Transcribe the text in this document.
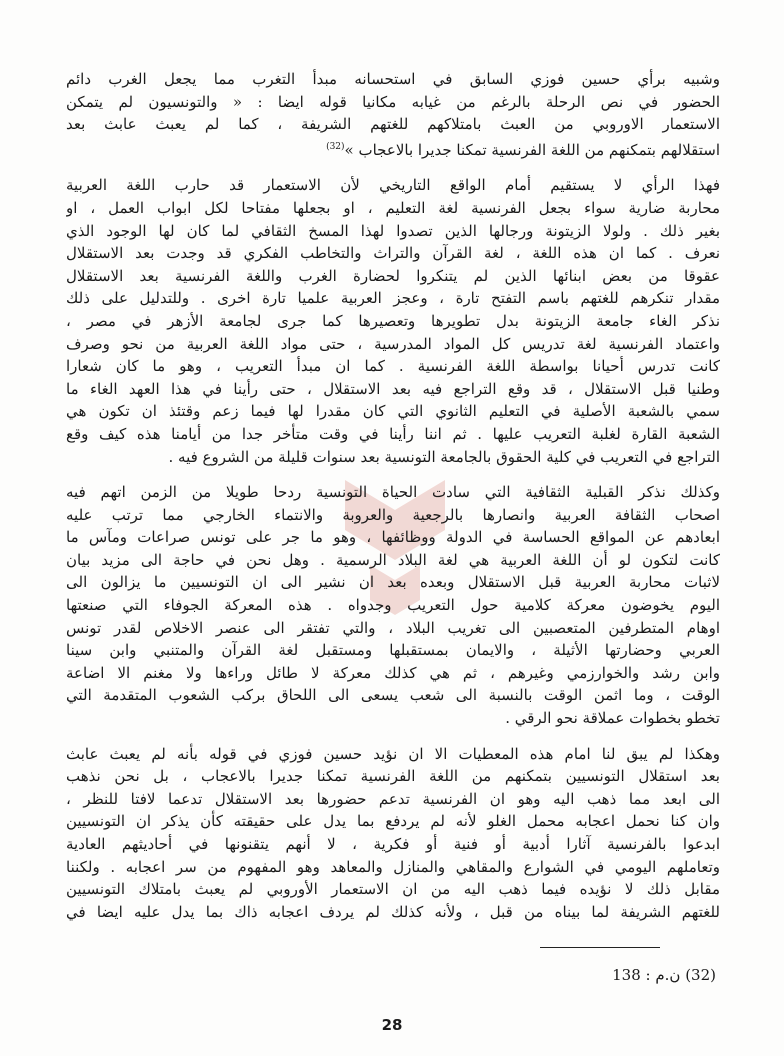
وشبيه برأي حسين فوزي السابق في استحسانه مبدأ التغرب مما يجعل الغرب دائم
الحضور في نص الرحلة بالرغم من غيابه مكانيا قوله ايضا : « والتونسيون لم يتمكن
الاستعمار الاوروبي من العبث بامتلاكهم للغتهم الشريفة ، كما لم يعبث عابث بعد
استقلالهم بتمكنهم من اللغة الفرنسية تمكنا جديرا بالاعجاب »$^{(32)}$

فهذا الرأي لا يستقيم أمام الواقع التاريخي لأن الاستعمار قد حارب اللغة العربية
محاربة ضارية سواء بجعل الفرنسية لغة التعليم ، او بجعلها مفتاحا لكل ابواب العمل ، او
بغير ذلك . ولولا الزيتونة ورجالها الذين تصدوا لهذا المسخ الثقافي لما كان لها الوجود الذي
نعرف . كما ان هذه اللغة ، لغة القرآن والتراث والتخاطب الفكري قد وجدت بعد الاستقلال
عقوقا من بعض ابنائها الذين لم يتنكروا لحضارة الغرب واللغة الفرنسية بعد الاستقلال
مقدار تنكرهم للغتهم باسم التفتح تارة ، وعجز العربية علميا تارة اخرى . وللتدليل على ذلك
نذكر الغاء جامعة الزيتونة بدل تطويرها وتعصيرها كما جرى لجامعة الأزهر في مصر ،
واعتماد الفرنسية لغة تدريس كل المواد المدرسية ، حتى مواد اللغة العربية من نحو وصرف
كانت تدرس أحيانا بواسطة اللغة الفرنسية . كما ان مبدأ التعريب ، وهو ما كان شعارا
وطنيا قبل الاستقلال ، قد وقع التراجع فيه بعد الاستقلال ، حتى رأينا في هذا العهد الغاء ما
سمي بالشعبة الأصلية في التعليم الثانوي التي كان مقدرا لها فيما زعم وقتئذ ان تكون هي
الشعبة القارة لغلبة التعريب عليها . ثم اننا رأينا في وقت متأخر جدا من أيامنا هذه كيف وقع
التراجع في التعريب في كلية الحقوق بالجامعة التونسية بعد سنوات قليلة من الشروع فيه .

وكذلك نذكر القبلية الثقافية التي سادت الحياة التونسية ردحا طويلا من الزمن اتهم فيه
اصحاب الثقافة العربية وانصارها بالرجعية والعروبة والانتماء الخارجي مما ترتب عليه
ابعادهم عن المواقع الحساسة في الدولة ووظائفها ، وهو ما جر على تونس صراعات ومآس ما
كانت لتكون لو أن اللغة العربية هي لغة البلاد الرسمية . وهل نحن في حاجة الى مزيد بيان
لاثبات محاربة العربية قبل الاستقلال وبعده بعد ان نشير الى ان التونسيين ما يزالون الى
اليوم يخوضون معركة كلامية حول التعريب وجدواه . هذه المعركة الجوفاء التي صنعتها
اوهام المتطرفين المتعصبين الى تغريب البلاد ، والتي تفتقر الى عنصر الاخلاص لقدر تونس
العربي وحضارتها الأثيلة ، والايمان بمستقبلها ومستقبل لغة القرآن والمتنبي وابن سينا
وابن رشد والخوارزمي وغيرهم ، ثم هي كذلك معركة لا طائل وراءها ولا مغنم الا اضاعة
الوقت ، وما اثمن الوقت بالنسبة الى شعب يسعى الى اللحاق بركب الشعوب المتقدمة التي
تخطو بخطوات عملاقة نحو الرقي .

وهكذا لم يبق لنا امام هذه المعطيات الا ان نؤيد حسين فوزي في قوله بأنه لم يعبث عابث
بعد استقلال التونسيين بتمكنهم من اللغة الفرنسية تمكنا جديرا بالاعجاب ، بل نحن نذهب
الى ابعد مما ذهب اليه وهو ان الفرنسية تدعم حضورها بعد الاستقلال تدعما لافتا للنظر ،
وان كنا نحمل اعجابه محمل الغلو لأنه لم يردفع بما يدل على حقيقته كأن يذكر ان التونسيين
ابدعوا بالفرنسية آثارا أدبية أو فنية أو فكرية ، لا أنهم يتقنونها في أحاديثهم العادية
وتعاملهم اليومي في الشوارع والمقاهي والمنازل والمعاهد وهو المفهوم من سر اعجابه . ولكننا
مقابل ذلك لا نؤيده فيما ذهب اليه من ان الاستعمار الأوروبي لم يعبث بامتلاك التونسيين
للغتهم الشريفة لما بيناه من قبل ، ولأنه كذلك لم يردف اعجابه ذاك بما يدل عليه ايضا في

(32) ن.م : 138
28
